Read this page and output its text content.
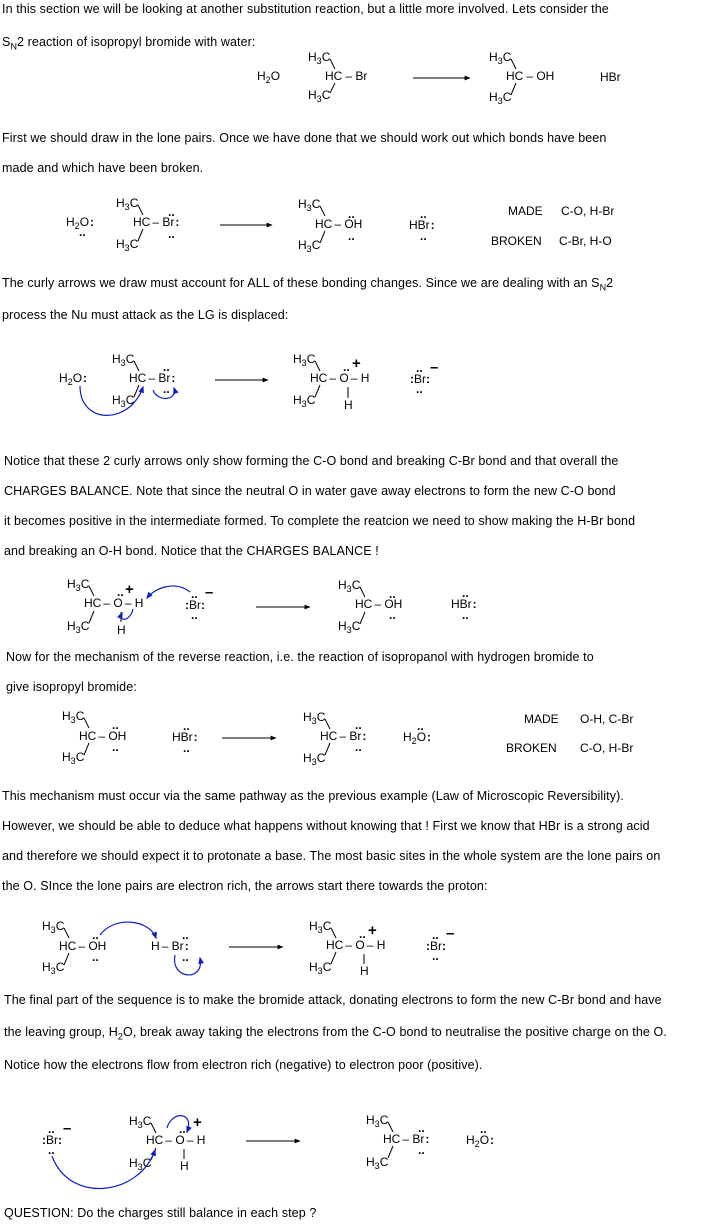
In this section we will be looking at another substitution reaction, but a little more involved. Lets consider the
$S_N2$ reaction of isopropyl bromide with water:
First we should draw in the lone pairs. Once we have done that we should work out which bonds have been
made and which have been broken.
The curly arrows we draw must account for ALL of these bonding changes. Since we are dealing with an $S_N2$
process the Nu must attack as the LG is displaced:
Notice that these 2 curly arrows only show forming the C-O bond and breaking C-Br bond and that overall the
CHARGES BALANCE. Note that since the neutral O in water gave away electrons to form the new C-O bond
it becomes positive in the intermediate formed. To complete the reatcion we need to show making the H-Br bond
and breaking an O-H bond. Notice that the CHARGES BALANCE !
Now for the mechanism of the reverse reaction, i.e. the reaction of isopropanol with hydrogen bromide to
give isopropyl bromide:
This mechanism must occur via the same pathway as the previous example (Law of Microscopic Reversibility).
However, we should be able to deduce what happens without knowing that ! First we know that HBr is a strong acid
and therefore we should expect it to protonate a base. The most basic sites in the whole system are the lone pairs on
the O. SInce the lone pairs are electron rich, the arrows start there towards the proton:
The final part of the sequence is to make the bromide attack, donating electrons to form the new C-Br bond and have
the leaving group, $H_2O$, break away taking the electrons from the C-O bond to neutralise the positive charge on the O.
Notice how the electrons flow from electron rich (negative) to electron poor (positive).
QUESTION: Do the charges still balance in each step ?
$H_2O$
$H_3C$
HC – Br
$H_3C$
$H_3C$
HC – OH
$H_3C$
HBr
$H_2O$:
..
$H_3C$
HC – Br:
..
..
$H_3C$
$H_3C$
HC – OH
..
..
$H_3C$
HBr:
..
..
MADE C-O, H-Br
BROKEN C-Br, H-O
$H_2O$:
$H_3C$
HC – Br:
..
..
$H_3C$
$H_3C$
HC – O – H
.. +
H
$H_3C$
:Br:
..
..
–
$H_3C$
HC – O – H
.. +
H
$H_3C$
:Br:
..
..
–	$H_3C$
HC – OH
..
..
$H_3C$
HBr:
..
..
$H_3C$
HC – OH
..
..
$H_3C$
HBr:
..
..
$H_3C$
HC – Br:
..
..
$H_3C$
$H_2O$:
..	MADE O-H, C-Br
BROKEN C-O, H-Br
$H_3C$
HC – OH
..
..
$H_3C$
H – Br:
..
..
$H_3C$
HC – O – H
.. +
H
$H_3C$
:Br:
..
..
–
:Br:
..
..
–	$H_3C$
HC – O – H
.. +
H
$H_3C$
$H_3C$
HC – Br:
..
..
$H_3C$
$H_2O$:
..
